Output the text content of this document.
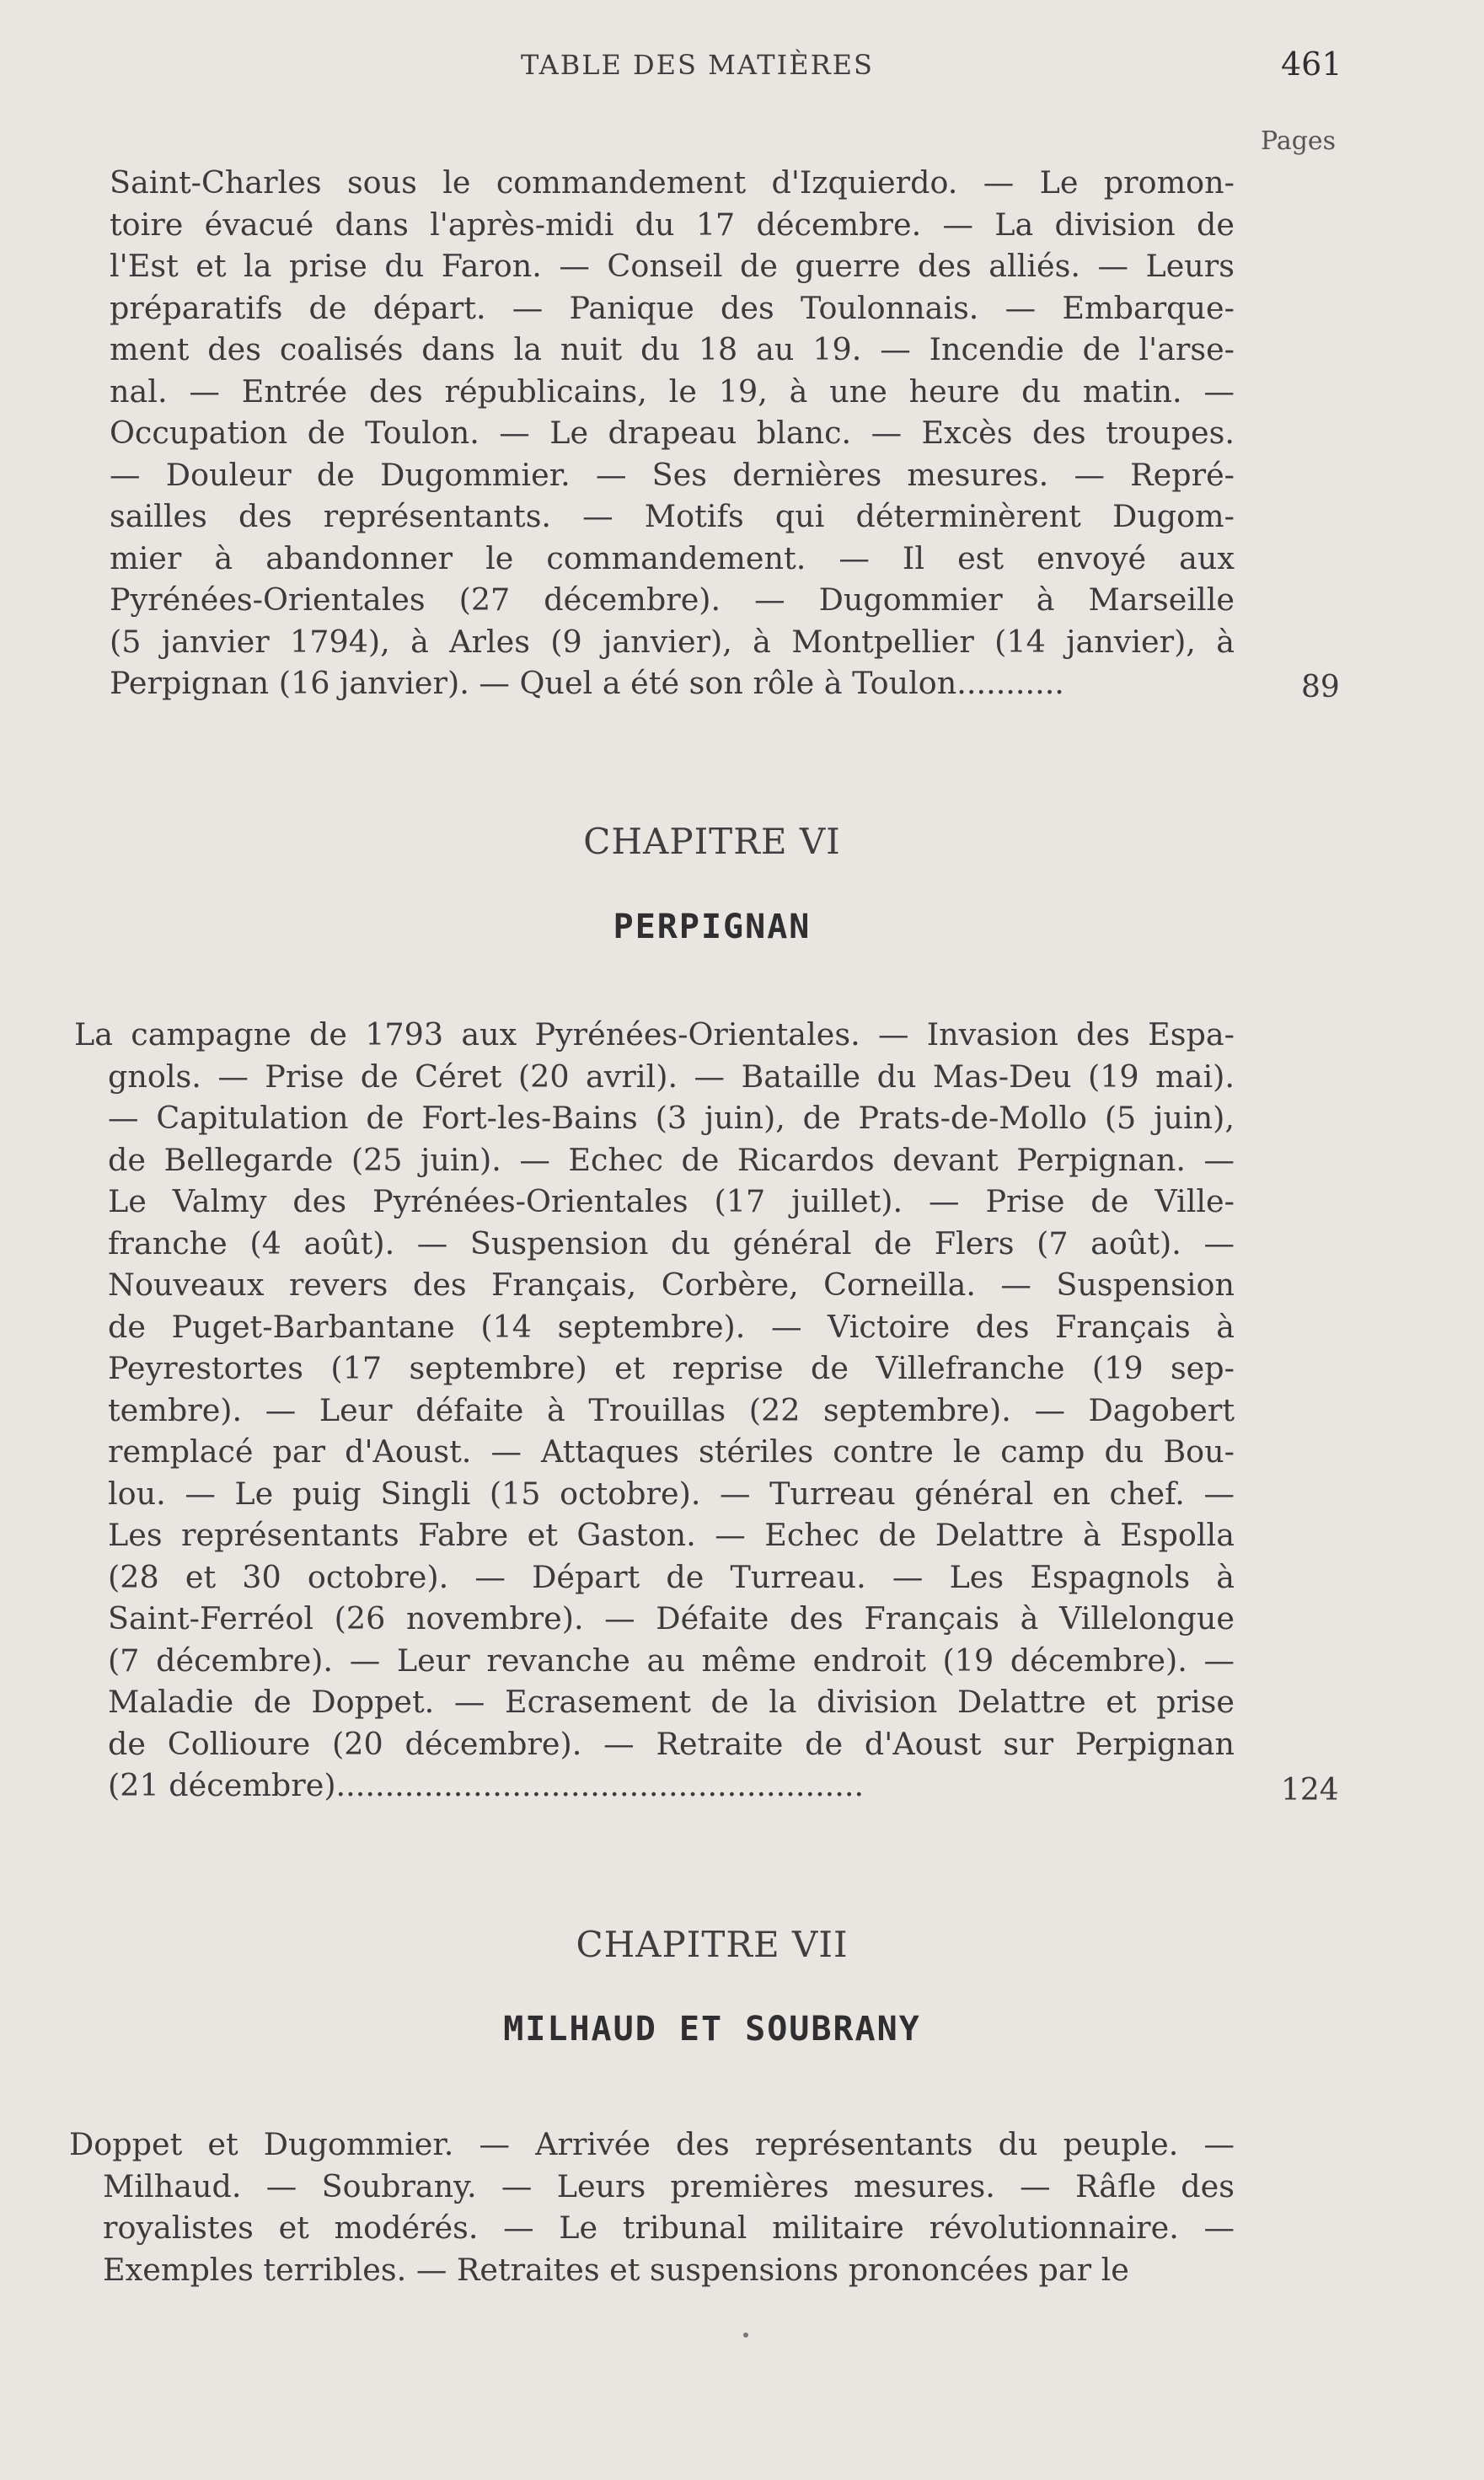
TABLE DES MATIÈRES	461
Pages
Saint-Charles sous le commandement d'Izquierdo. — Le promon-
toire évacué dans l'après-midi du 17 décembre. — La division de
l'Est et la prise du Faron. — Conseil de guerre des alliés. — Leurs
préparatifs de départ. — Panique des Toulonnais. — Embarque-
ment des coalisés dans la nuit du 18 au 19. — Incendie de l'arse-
nal. — Entrée des républicains, le 19, à une heure du matin. —
Occupation de Toulon. — Le drapeau blanc. — Excès des troupes.
— Douleur de Dugommier. — Ses dernières mesures. — Repré-
sailles des représentants. — Motifs qui déterminèrent Dugom-
mier à abandonner le commandement. — Il est envoyé aux
Pyrénées-Orientales (27 décembre). — Dugommier à Marseille
(5 janvier 1794), à Arles (9 janvier), à Montpellier (14 janvier), à
Perpignan (16 janvier). — Quel a été son rôle à Toulon...........	89
CHAPITRE VI
PERPIGNAN
La campagne de 1793 aux Pyrénées-Orientales. — Invasion des Espa-
gnols. — Prise de Céret (20 avril). — Bataille du Mas-Deu (19 mai).
— Capitulation de Fort-les-Bains (3 juin), de Prats-de-Mollo (5 juin),
de Bellegarde (25 juin). — Echec de Ricardos devant Perpignan. —
Le Valmy des Pyrénées-Orientales (17 juillet). — Prise de Ville-
franche (4 août). — Suspension du général de Flers (7 août). —
Nouveaux revers des Français, Corbère, Corneilla. — Suspension
de Puget-Barbantane (14 septembre). — Victoire des Français à
Peyrestortes (17 septembre) et reprise de Villefranche (19 sep-
tembre). — Leur défaite à Trouillas (22 septembre). — Dagobert
remplacé par d'Aoust. — Attaques stériles contre le camp du Bou-
lou. — Le puig Singli (15 octobre). — Turreau général en chef. —
Les représentants Fabre et Gaston. — Echec de Delattre à Espolla
(28 et 30 octobre). — Départ de Turreau. — Les Espagnols à
Saint-Ferréol (26 novembre). — Défaite des Français à Villelongue
(7 décembre). — Leur revanche au même endroit (19 décembre). —
Maladie de Doppet. — Ecrasement de la division Delattre et prise
de Collioure (20 décembre). — Retraite de d'Aoust sur Perpignan
(21 décembre)......................................................	124
CHAPITRE VII
MILHAUD ET SOUBRANY
Doppet et Dugommier. — Arrivée des représentants du peuple. —
Milhaud. — Soubrany. — Leurs premières mesures. — Râfle des
royalistes et modérés. — Le tribunal militaire révolutionnaire. —
Exemples terribles. — Retraites et suspensions prononcées par le
